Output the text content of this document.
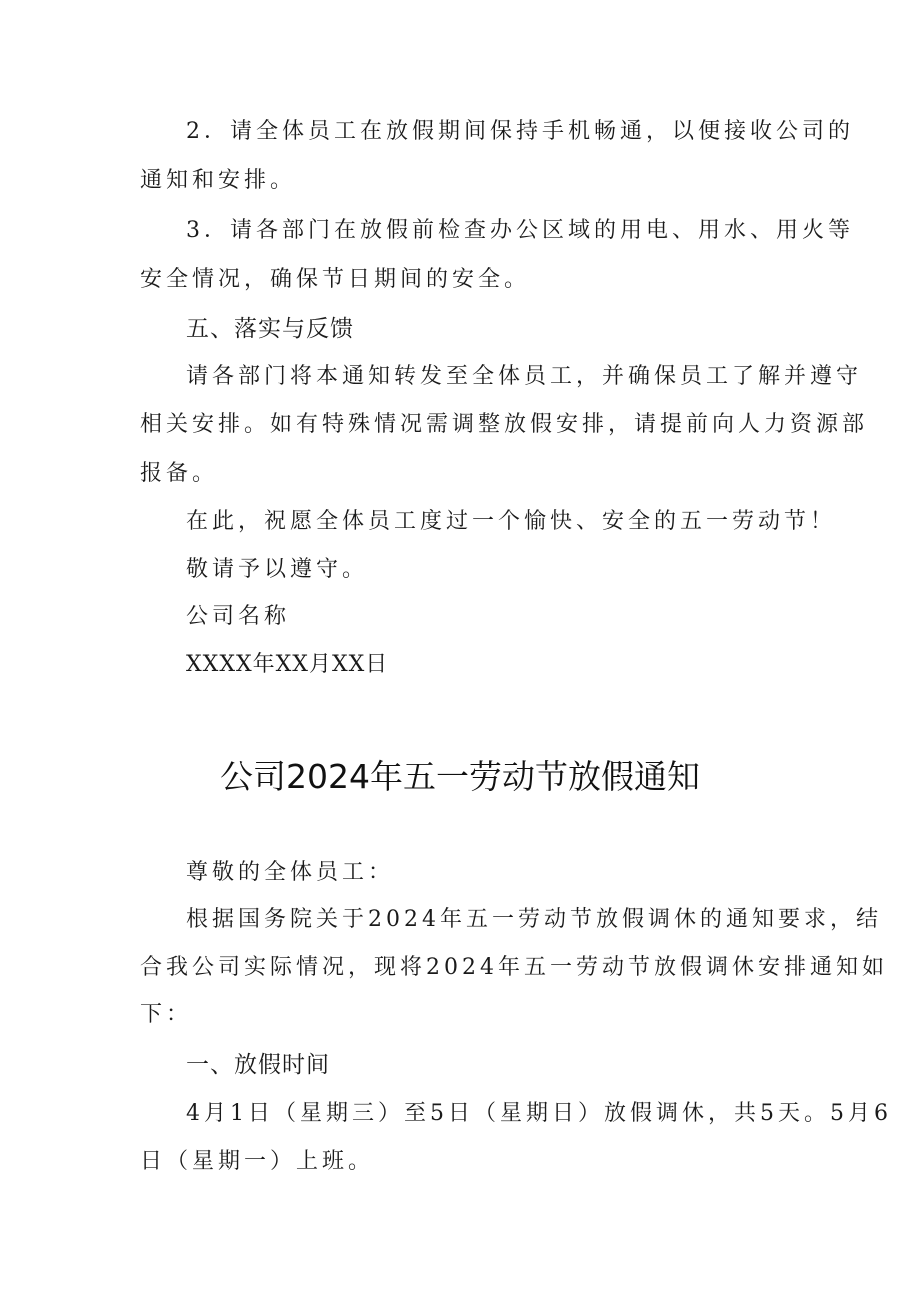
2．请全体员工在放假期间保持手机畅通，以便接收公司的
通知和安排。
3．请各部门在放假前检查办公区域的用电、用水、用火等
安全情况，确保节日期间的安全。
五、落实与反馈
请各部门将本通知转发至全体员工，并确保员工了解并遵守
相关安排。如有特殊情况需调整放假安排，请提前向人力资源部
报备。
在此，祝愿全体员工度过一个愉快、安全的五一劳动节！
敬请予以遵守。
公司名称
XXXX年XX月XX日
公司2024年五一劳动节放假通知
尊敬的全体员工：
根据国务院关于2024年五一劳动节放假调休的通知要求，结
合我公司实际情况，现将2024年五一劳动节放假调休安排通知如
下：
一、放假时间
4月1日（星期三）至5日（星期日）放假调休，共5天。5月6
日（星期一）上班。
